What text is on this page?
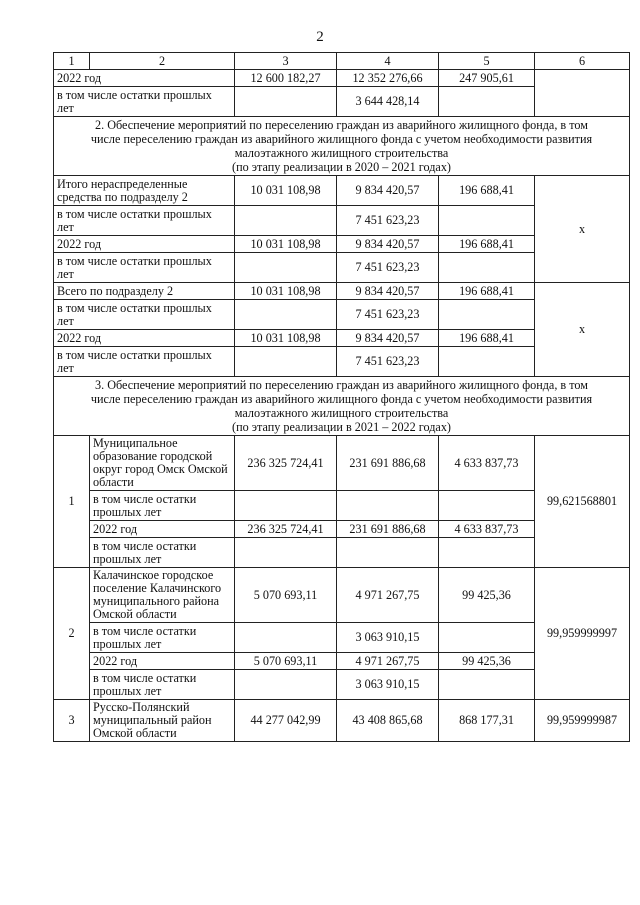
2
1	2	3	4	5	6
2022 год		12 600 182,27	12 352 276,66	247 905,61	
в том числе остатки прошлых лет			3 644 428,14		

2. Обеспечение мероприятий по переселению граждан из аварийного жилищного фонда, в том
числе переселению граждан из аварийного жилищного фонда с учетом необходимости развития
малоэтажного жилищного строительства
(по этапу реализации в 2020 – 2021 годах)					

Итого нераспределенные средства по подразделу 2		10 031 108,98	9 834 420,57	196 688,41	х
в том числе остатки прошлых лет			7 451 623,23		
2022 год		10 031 108,98	9 834 420,57	196 688,41	
в том числе остатки прошлых лет			7 451 623,23		
Всего по подразделу 2		10 031 108,98	9 834 420,57	196 688,41	х
в том числе остатки прошлых лет			7 451 623,23		
2022 год		10 031 108,98	9 834 420,57	196 688,41	
в том числе остатки прошлых лет			7 451 623,23		

3. Обеспечение мероприятий по переселению граждан из аварийного жилищного фонда, в том
числе переселению граждан из аварийного жилищного фонда с учетом необходимости развития
малоэтажного жилищного строительства
(по этапу реализации в 2021 – 2022 годах)					

1	Муниципальное образование городской округ город Омск Омской области	236 325 724,41	231 691 886,68	4 633 837,73	99,621568801
	в том числе остатки прошлых лет				
	2022 год	236 325 724,41	231 691 886,68	4 633 837,73	
	в том числе остатки прошлых лет				
2	Калачинское городское поселение Калачинского муниципального района Омской области	5 070 693,11	4 971 267,75	99 425,36	99,959999997
	в том числе остатки прошлых лет		3 063 910,15		
	2022 год	5 070 693,11	4 971 267,75	99 425,36	
	в том числе остатки прошлых лет		3 063 910,15		
3	Русско-Полянский муниципальный район Омской области	44 277 042,99	43 408 865,68	868 177,31	99,959999987
